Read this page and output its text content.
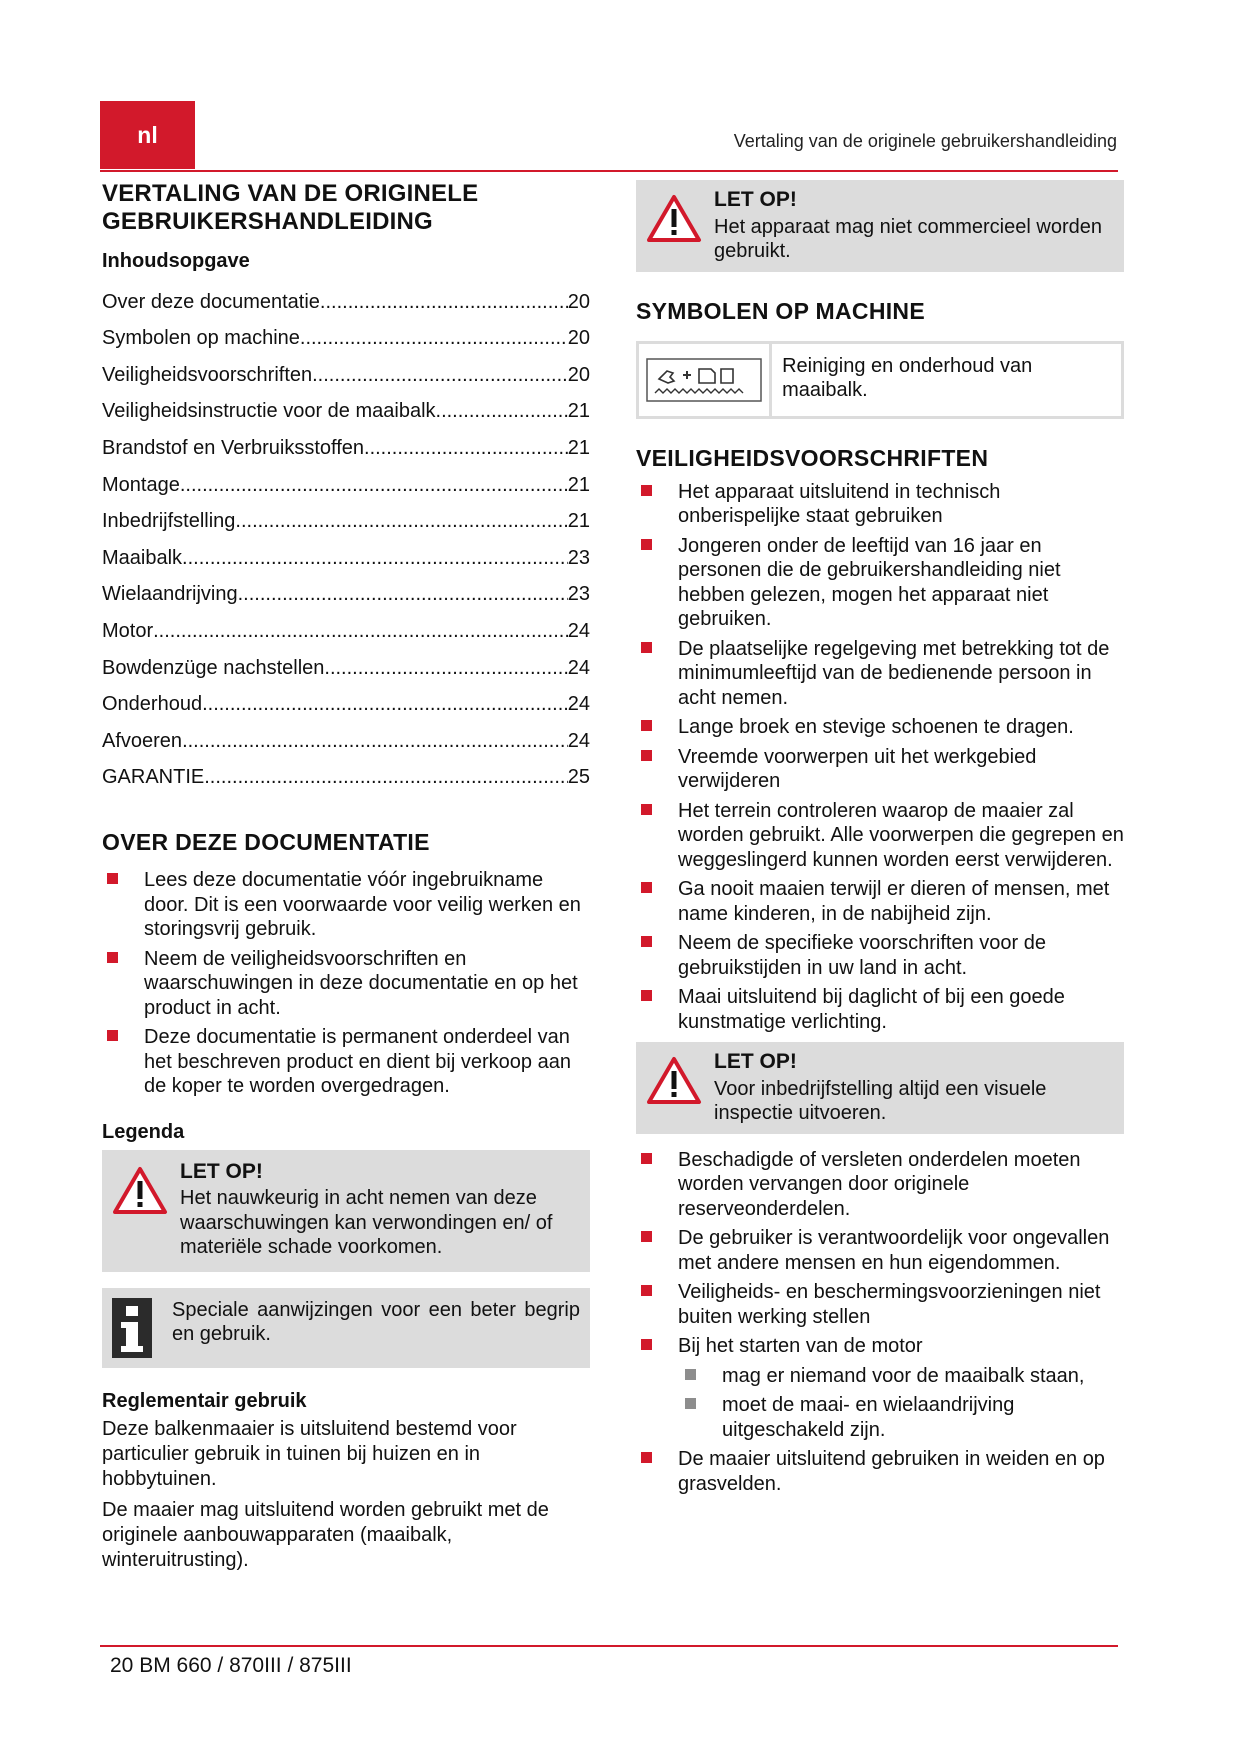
nl	Vertaling van de originele gebruikershandleiding
VERTALING VAN DE ORIGINELE
GEBRUIKERSHANDLEIDING
Inhoudsopgave
Over deze documentatie .....	20
Symbolen op machine .....	20
Veiligheidsvoorschriften .....	20
Veiligheidsinstructie voor de maaibalk .....	21
Brandstof en Verbruiksstoffen .....	21
Montage .....	21
Inbedrijfstelling .....	21
Maaibalk .....	23
Wielaandrijving .....	23
Motor .....	24
Bowdenzüge nachstellen .....	24
Onderhoud .....	24
Afvoeren .....	24
GARANTIE .....	25
OVER DEZE DOCUMENTATIE
Lees deze documentatie vóór ingebruikname door. Dit is een voorwaarde voor veilig werken en storingsvrij gebruik.
Neem de veiligheidsvoorschriften en waarschuwingen in deze documentatie en op het product in acht.
Deze documentatie is permanent onderdeel van het beschreven product en dient bij verkoop aan de koper te worden overgedragen.
Legenda
LET OP!
Het nauwkeurig in acht nemen van deze waarschuwingen kan verwondingen en/ of materiële schade voorkomen.
Speciale aanwijzingen voor een beter begrip en gebruik.
Reglementair gebruik

Deze balkenmaaier is uitsluitend bestemd voor particulier gebruik in tuinen bij huizen en in hobbytuinen.

De maaier mag uitsluitend worden gebruikt met de originele aanbouwapparaten (maaibalk, winteruitrusting).

LET OP!
Het apparaat mag niet commercieel worden gebruikt.
SYMBOLEN OP MACHINE
Reiniging en onderhoud van maaibalk.
VEILIGHEIDSVOORSCHRIFTEN
Het apparaat uitsluitend in technisch onberispelijke staat gebruiken
Jongeren onder de leeftijd van 16 jaar en personen die de gebruikershandleiding niet hebben gelezen, mogen het apparaat niet gebruiken.
De plaatselijke regelgeving met betrekking tot de minimumleeftijd van de bedienende persoon in acht nemen.
Lange broek en stevige schoenen te dragen.
Vreemde voorwerpen uit het werkgebied verwijderen
Het terrein controleren waarop de maaier zal worden gebruikt. Alle voorwerpen die gegrepen en weggeslingerd kunnen worden eerst verwijderen.
Ga nooit maaien terwijl er dieren of mensen, met name kinderen, in de nabijheid zijn.
Neem de specifieke voorschriften voor de gebruikstijden in uw land in acht.
Maai uitsluitend bij daglicht of bij een goede kunstmatige verlichting.
LET OP!
Voor inbedrijfstelling altijd een visuele inspectie uitvoeren.
Beschadigde of versleten onderdelen moeten worden vervangen door originele reserveonderdelen.
De gebruiker is verantwoordelijk voor ongevallen met andere mensen en hun eigendommen.
Veiligheids- en beschermingsvoorzieningen niet buiten werking stellen
Bij het starten van de motor
mag er niemand voor de maaibalk staan,
moet de maai- en wielaandrijving uitgeschakeld zijn.
De maaier uitsluitend gebruiken in weiden en op grasvelden.
20 BM 660 / 870III / 875III
